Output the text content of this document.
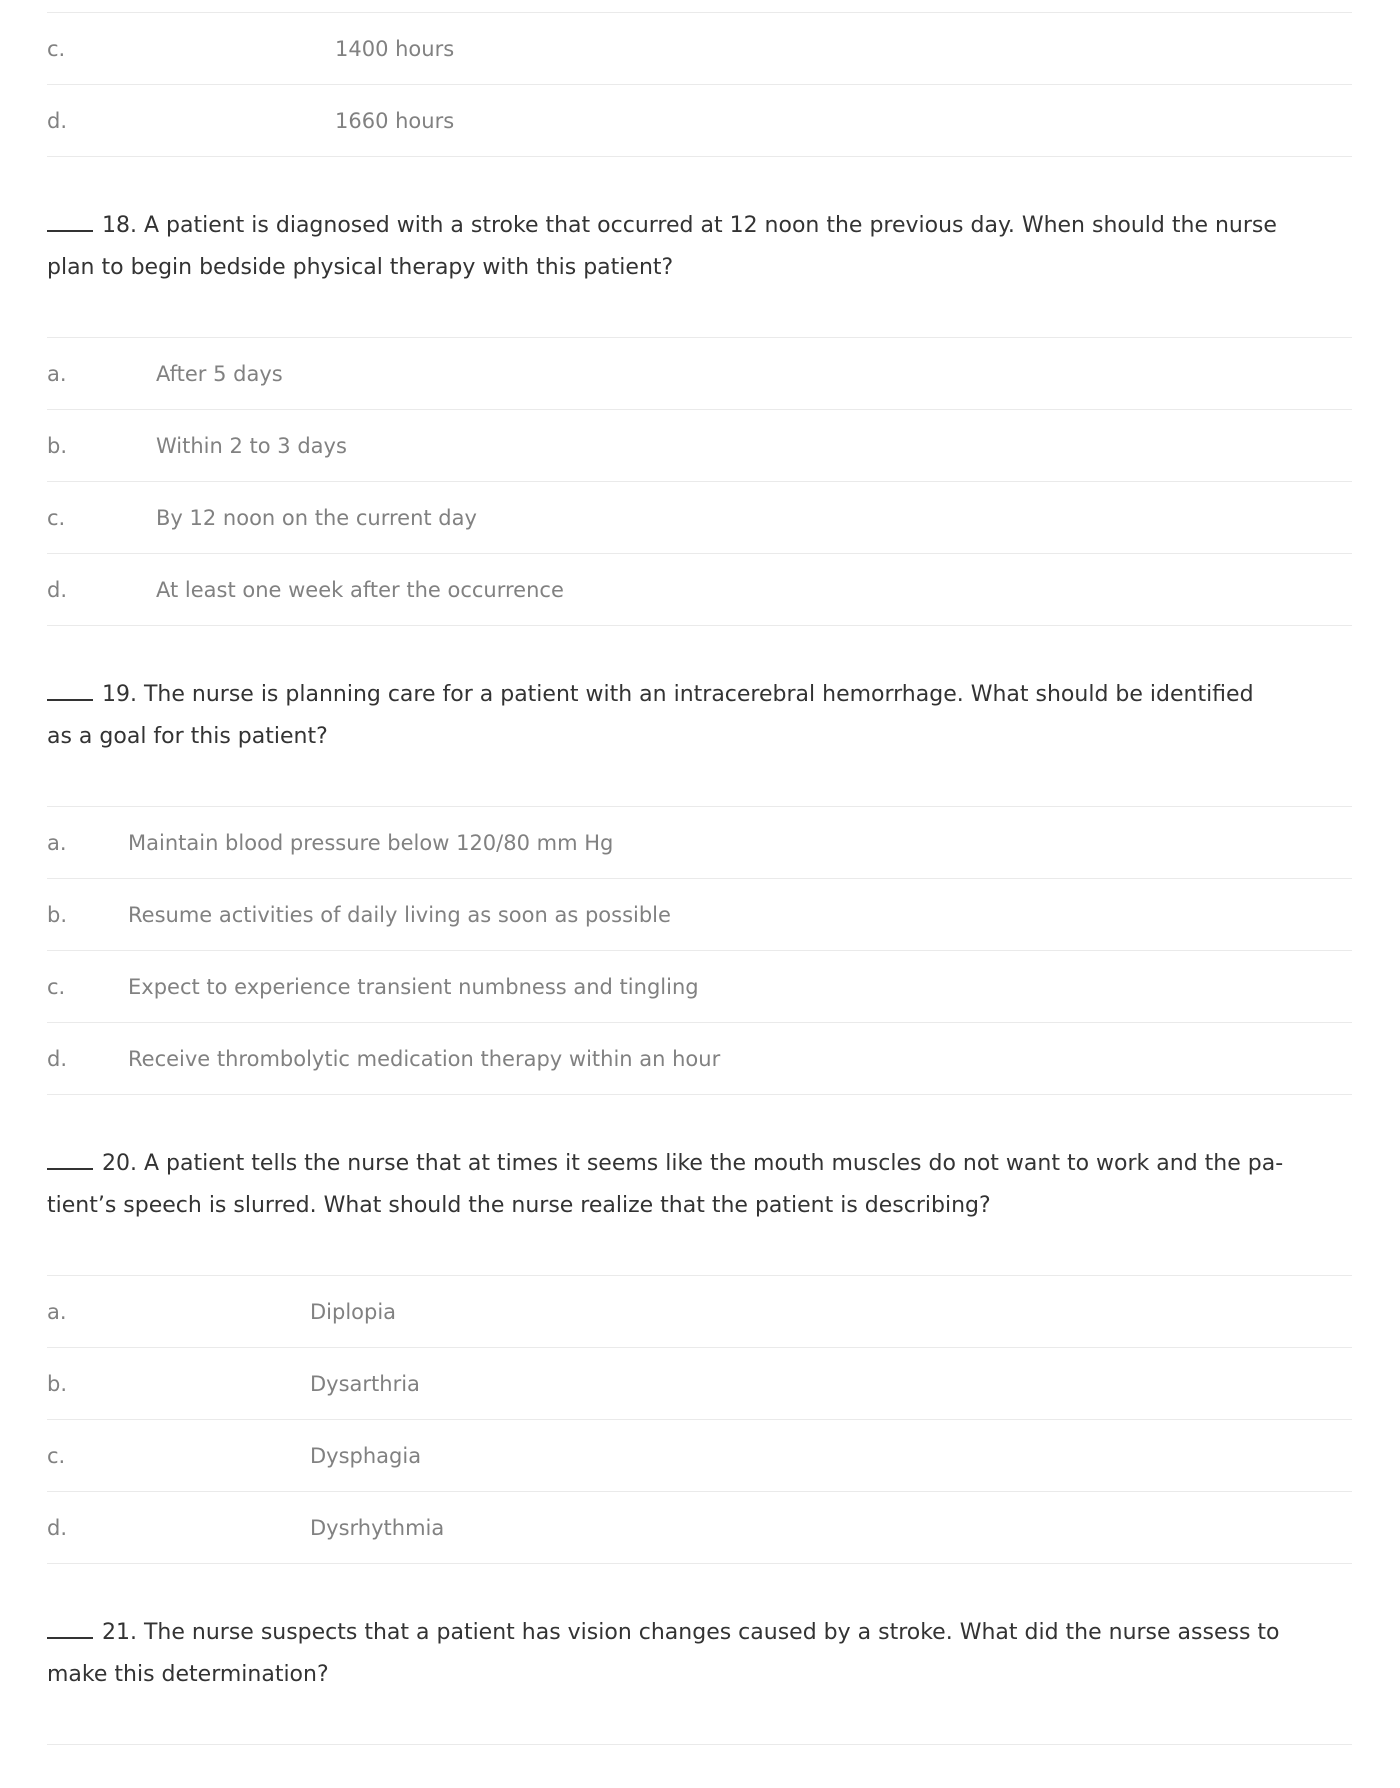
c.	1400 hours
d.	1660 hours
18. A patient is diagnosed with a stroke that occurred at 12 noon the previous day. When should the nurse
plan to begin bedside physical therapy with this patient?
a.	After 5 days
b.	Within 2 to 3 days
c.	By 12 noon on the current day
d.	At least one week after the occurrence
19. The nurse is planning care for a patient with an intracerebral hemorrhage. What should be identified
as a goal for this patient?
a.	Maintain blood pressure below 120/80 mm Hg
b.	Resume activities of daily living as soon as possible
c.	Expect to experience transient numbness and tingling
d.	Receive thrombolytic medication therapy within an hour
20. A patient tells the nurse that at times it seems like the mouth muscles do not want to work and the pa-
tient’s speech is slurred. What should the nurse realize that the patient is describing?
a.	Diplopia
b.	Dysarthria
c.	Dysphagia
d.	Dysrhythmia
21. The nurse suspects that a patient has vision changes caused by a stroke. What did the nurse assess to
make this determination?
